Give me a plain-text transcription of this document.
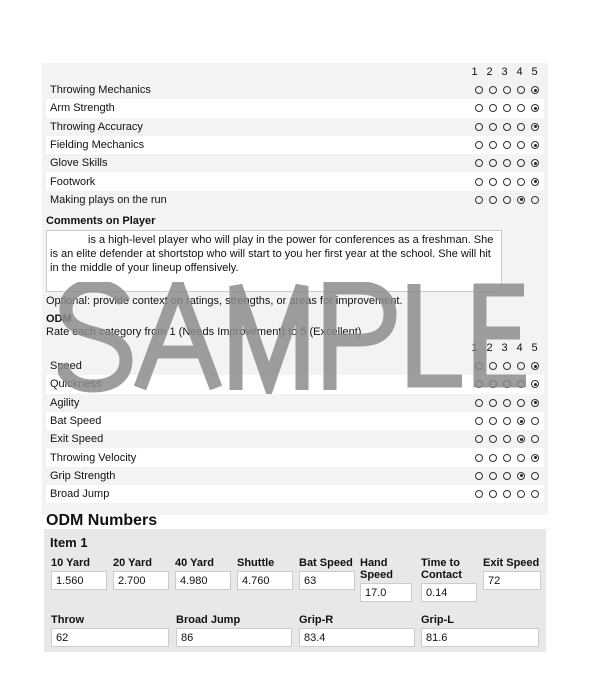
1 2 3 4 5
Throwing Mechanics
Arm Strength
Throwing Accuracy
Fielding Mechanics
Glove Skills
Footwork
Making plays on the run
Comments on Player
is a high-level player who will play in the power for conferences as a freshman. She is an elite defender at shortstop who will start to you her first year at the school. She will hit in the middle of your lineup offensively.
Optional: provide context on ratings, strengths, or areas for improvement.
ODM
Rate each category from 1 (Needs Improvement) to 5 (Excellent)
1 2 3 4 5
Speed
Quickness
Agility
Bat Speed
Exit Speed
Throwing Velocity
Grip Strength
Broad Jump
ODM Numbers
Item 1
10 Yard
1.560
20 Yard
2.700
40 Yard
4.980
Shuttle
4.760
Bat Speed
63
Hand Speed
17.0
Time to Contact
0.14
Exit Speed
72
Throw
62
Broad Jump
86
Grip-R
83.4
Grip-L
81.6
